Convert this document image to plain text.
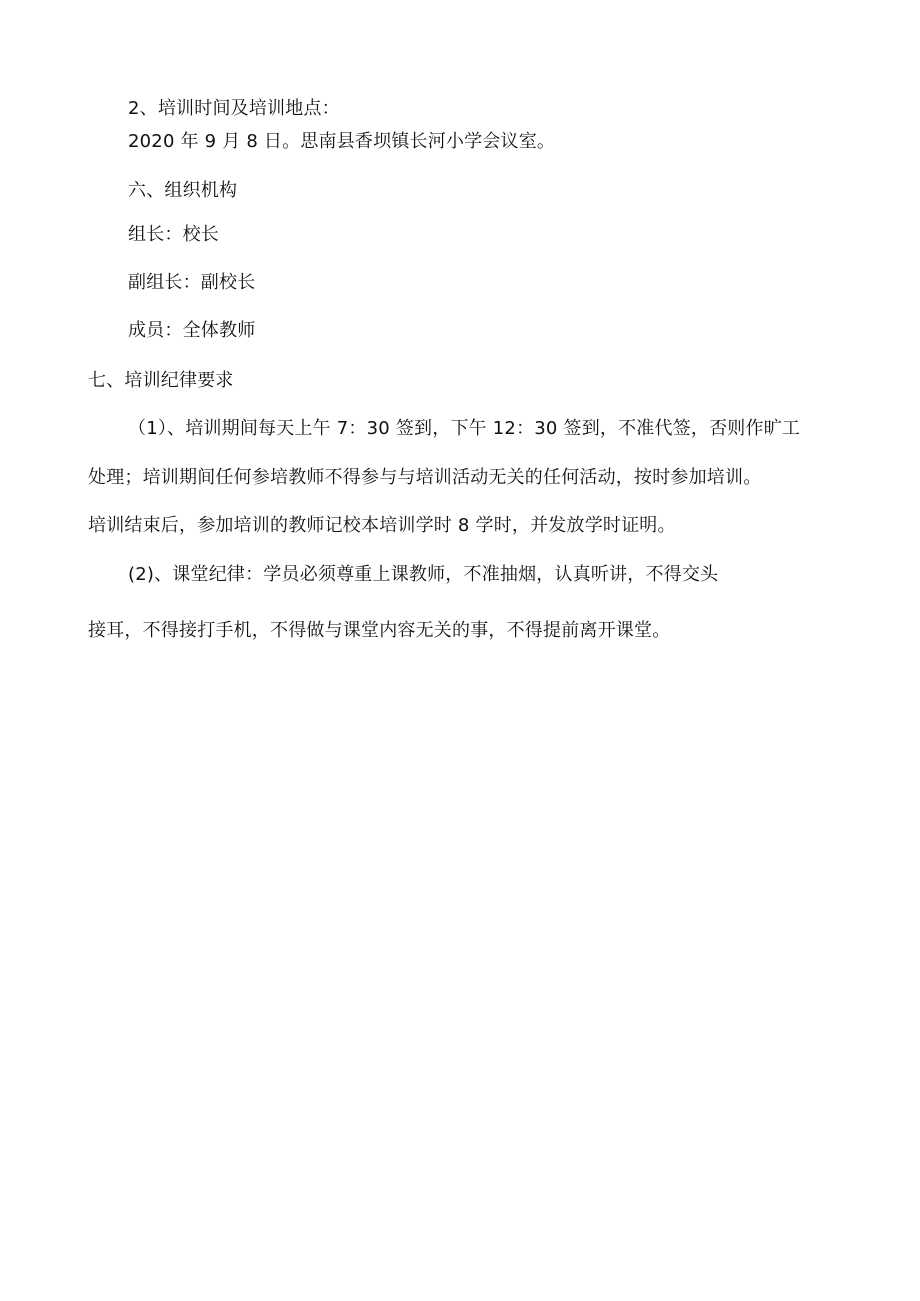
2、培训时间及培训地点：

2020 年 9 月 8 日。思南县香坝镇长河小学会议室。

六、组织机构

组长：校长

副组长：副校长

成员：全体教师

七、培训纪律要求

（1）、培训期间每天上午 7：30 签到，下午 12：30 签到，不准代签，否则作旷工

处理；培训期间任何参培教师不得参与与培训活动无关的任何活动，按时参加培训。

培训结束后，参加培训的教师记校本培训学时 8 学时，并发放学时证明。

(2)、课堂纪律：学员必须尊重上课教师，不准抽烟，认真听讲，不得交头

接耳，不得接打手机，不得做与课堂内容无关的事，不得提前离开课堂。
